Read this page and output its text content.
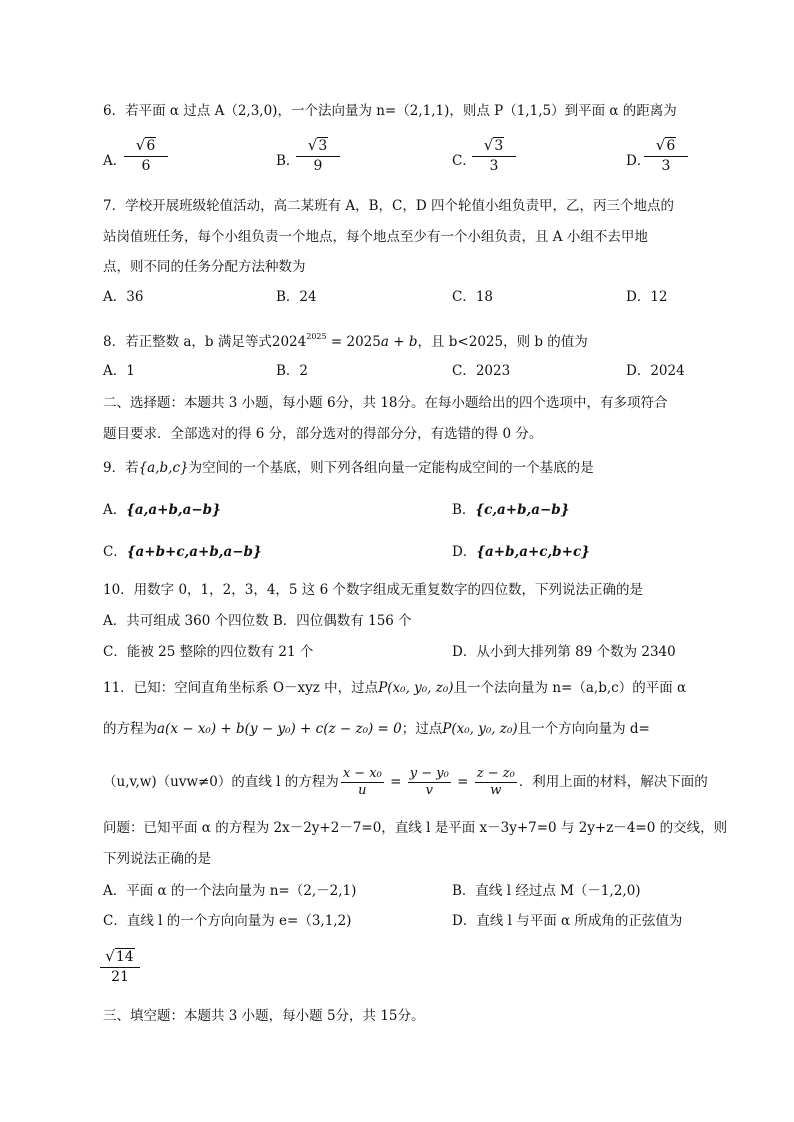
6．若平面 α 过点 A（2,3,0)，一个法向量为 n=（2,1,1)，则点 P（1,1,5）到平面 α 的距离为
A．
$\frac{√6}{6}$	B．
$\frac{√3}{9}$	C．
$\frac{√3}{3}$	D．
$\frac{√6}{3}$
7．学校开展班级轮值活动，高二某班有 A，B，C，D 四个轮值小组负责甲，乙，丙三个地点的
站岗值班任务，每个小组负责一个地点，每个地点至少有一个小组负责，且 A 小组不去甲地
点，则不同的任务分配方法种数为
A．36	B．24	C．18	D．12
8．若正整数 a，b 满足等式$2024^{2025} = 2025a + b$，且 b<2025，则 b 的值为
A．1	B．2	C．2023	D．2024
二、选择题：本题共 3 小题，每小题 6分，共 18分。在每小题给出的四个选项中，有多项符合
题目要求．全部选对的得 6 分，部分选对的得部分分，有选错的得 0 分。
9．若{a,b,c}为空间的一个基底，则下列各组向量一定能构成空间的一个基底的是
A．{a,a+b,a−b}	B．{c,a+b,a−b}
C．{a+b+c,a+b,a−b}	D．{a+b,a+c,b+c}
10．用数字 0，1，2，3，4，5 这 6 个数字组成无重复数字的四位数，下列说法正确的是
A．共可组成 360 个四位数 B．四位偶数有 156 个
C．能被 25 整除的四位数有 21 个	D．从小到大排列第 89 个数为 2340
11．已知：空间直角坐标系 O－xyz 中，过点P(x₀, y₀, z₀)且一个法向量为 n=（a,b,c）的平面 α
的方程为a(x − x₀) + b(y − y₀) + c(z − z₀) = 0；过点P(x₀, y₀, z₀)且一个方向向量为 d=
（u,v,w)（uvw≠0）的直线 l 的方程为 $\frac{\text{x − x₀}}{u} = \frac{\text{y − y₀}}{v} = \frac{\text{z − z₀}}{w}$ ．利用上面的材料，解决下面的
问题：已知平面 α 的方程为 2x－2y+2－7=0，直线 l 是平面 x－3y+7=0 与 2y+z－4=0 的交线，则
下列说法正确的是
A．平面 α 的一个法向量为 n=（2,－2,1)	B．直线 l 经过点 M（－1,2,0)
C．直线 l 的一个方向向量为 e=（3,1,2)	D．直线 l 与平面 α 所成角的正弦值为
$\frac{√14}{21}$
三、填空题：本题共 3 小题，每小题 5分，共 15分。
